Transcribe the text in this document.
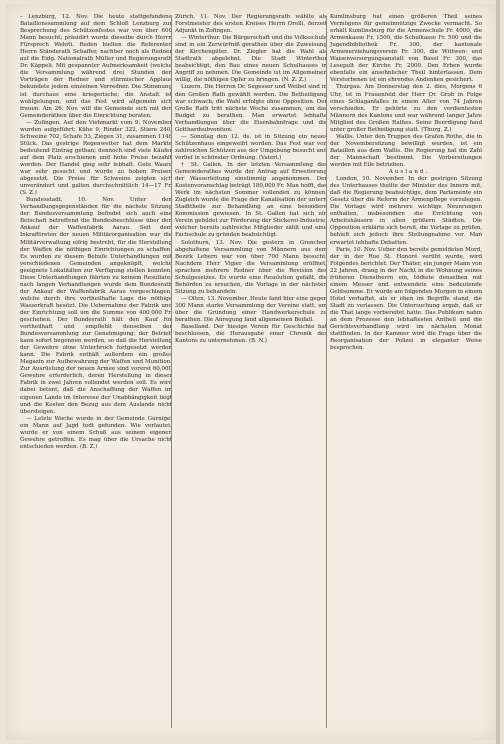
– Lenzburg, 12. Nov. Die heute stattgefundene Bataillonssammlung auf dem Schloß Lenzburg zur Besprechung des Schützenfestes war von über 600 Mann besucht; präsidirt wurde dieselbe durch Herrn Fürsprech Wehrli. Reden hielten die Referenten Herrn Ständerath Schaffer, nachher noch als Redner auf die Eidg. Nationalrath Müller und Regierungsrath Dr. Käppeli. Mit gespannter Aufmerksamkeit (welche die Versammlung während drei Stunden den Vorträgen der Redner und stürmischer Applaus bekundete jedem einzelnen Vorredner. Die Stimmung ist durchaus eine kriegerische; die Anstalt ist wohlgelungen, und das Fest wird allgemein sich freuen. Am 26. Nov. will die Gemeinde sich mit den Gemeinderäthen über die Einrichtung beraten.

— Zofingen. Auf den Viehmarkt vom 9. November wurden aufgeführt: Kühe 9, Rinder 322, Stiere 240, Schweine 702, Schafe 53, Ziegen 31, zusammen 1146 Stück. Das gestrige Regenwetter hat dem Markte bedeutend Eintrag gethan; dennoch sind viele Käufer auf dem Platz erschienen und hohe Preise bezahlt worden. Der Handel ging sehr lebhaft. Gute Waare war sehr gesucht und wurde zu hohen Preisen abgesetzt. Die Preise für Schweine zeigten sich unverändert und galten durchschnittlich 14—17 Fr. (S. Z.)

Bundesstadt, 10. Nov. Unter den Verhandlungsgegenständen für die nächste Sitzung der Bundesversammlung befindet sich auch eine Botschaft betreffend die Bundesbeschlüsse über den Ankauf der Waffenfabrik Aarau. Seit dem Inkrafttreten der neuen Militärorganisation war die Militärverwaltung eifrig bestrebt, für die Herstellung der Waffen die nöthigen Einrichtungen zu schaffen. Es wurden zu diesem Behufe Unterhandlungen mit verschiedenen Gemeinden angeknüpft, welche geeignete Lokalitäten zur Verfügung stellen konnten. Diese Unterhandlungen führten zu keinem Resultate; nach langen Verhandlungen wurde dem Bundesrath der Ankauf der Waffenfabrik Aarau vorgeschlagen, welche durch ihre vortheilhafte Lage die nöthige Wasserkraft besitzt. Die Uebernahme der Fabrik und der Einrichtung soll um die Summe von 400,000 Fr. geschehen. Der Bundesrath hält den Kauf für vortheilhaft und empfiehlt denselben der Bundesversammlung zur Genehmigung; der Betrieb kann sofort begonnen werden, so daß die Herstellung der Gewehre ohne Unterbruch fortgesetzt werden kann. Die Fabrik enthält außerdem ein großes Magazin zur Aufbewahrung der Waffen und Munition. Zur Ausrüstung der neuen Armee sind vorerst 60,000 Gewehre erforderlich, deren Herstellung in dieser Fabrik in zwei Jahren vollendet werden soll. Es wird dabei betont, daß die Anschaffung der Waffen im eigenen Lande im Interesse der Unabhängigkeit liegt und die Kosten den Bezug aus dem Auslande nicht übersteigen.

— Letzte Woche wurde in der Gemeinde Gurnigel ein Mann auf Jagd todt gefunden. Wie verlautet, wurde er von einem Schuß aus seinem eigenen Gewehre getroffen. Es mag über die Ursache nicht entschieden werden. (B. Z.)

Zürich, 11. Nov. Der Regierungsrath wählte als Forstmeister des ersten Kreises Herrn Orelli, derzeit Adjunkt in Zofingen.

— Winterthur. Die Bürgerschaft und die Volksschule sind in ein Zerwürfniß gerathen über die Zuweisung der Kirchengüter. Dr. Ziegler hat die Wahl als Stadtrath abgelehnt. Die Stadt Winterthur beabsichtigt, den Bau eines neuen Schulhauses in Angriff zu nehmen. Die Gemeinde ist im Allgemeinen willig, die nöthigen Opfer zu bringen. (N. Z. Z.)

Luzern. Die Herren Dr. Segesser und Weibel sind in den Großen Rath gewählt worden. Die Betheiligung war schwach; die Wahl erfolgte ohne Opposition. Der Große Rath tritt nächste Woche zusammen, um das Budget zu berathen. Man erwartet lebhafte Verhandlungen über die Eisenbahnfrage und die Gotthardsubvention.

— Sonntag den 12. ds. ist in Sitzung ein neues Schützenhaus eingeweiht worden. Das Fest war von zahlreichen Schützen aus der Umgebung besucht und verlief in schönster Ordnung. (Vaterl.)

† St. Gallen. In der letzten Versammlung des Gemeinderathes wurde der Antrag auf Erweiterung der Wasserleitung einstimmig angenommen. Der Kostenvoranschlag beträgt 180,000 Fr. Man hofft, das Werk im nächsten Sommer vollenden zu können. Zugleich wurde die Frage der Kanalisation der untern Stadttheile zur Behandlung an eine besondere Kommission gewiesen. In St. Gallen hat sich ein Verein gebildet zur Förderung der Stickerei-Industrie, welcher bereits zahlreiche Mitglieder zählt und eine Fachschule zu gründen beabsichtigt.

Solothurn, 13. Nov. Die gestern in Grenchen abgehaltene Versammlung von Männern aus dem Bezirk Lebern war von über 700 Mann besucht. Nachdem Herr Vigier die Versammlung eröffnet, sprachen mehrere Redner über die Revision des Schulgesetzes. Es wurde eine Resolution gefaßt, die Behörden zu ersuchen, die Vorlage in der nächsten Sitzung zu behandeln.

— Olten, 13. November. Heute fand hier eine gegen 300 Mann starke Versammlung der Vereine statt, um über die Gründung einer Handwerkerschule zu berathen. Die Anregung fand allgemeinen Beifall.

Baselland. Der hiesige Verein für Geschichte hat beschlossen, die Herausgabe einer Chronik des Kantons zu unternehmen. (B. N.)

Kumlinsburg hat einen größeren Theil seines Vermögens für gemeinnützige Zwecke vermacht. So erhält Kumlinsburg für die Armenschule Fr. 4000, die Armenkasse Fr. 1500, die Schulkasse Fr. 500 und die Jugendbibliothek Fr. 300, der kantonale Armenerziehungsverein Fr. 300, die Wittwen- und Waisenversorgungsanstalt von Basel Fr. 300, das Lesepult der Kirche Fr. 2000. Den Erben wurde ebenfalls ein ansehnlicher Theil hinterlassen. Dem Verstorbenen ist ein ehrendes Andenken gesichert.

Thurgau. Am Donnerstag den 2. dies, Morgens 6 Uhr, ist in Frauenfeld der Herr Dr. Grob in Folge eines Schlaganfalles in einem Alter von 74 Jahren verschieden. Er gehörte zu den verdientesten Männern des Kantons und war während langer Jahre Mitglied des Großen Rathes. Seine Beerdigung fand unter großer Betheiligung statt. (Thurg. Z.)

Wallis. Unter den Truppen des Grafen Rothe, die in der Novembersitzung bewilligt wurden, ist ein Bataillon aus dem Wallis. Die Regierung hat die Zahl der Mannschaft bestimmt. Die Vorbereitungen werden mit Eile betrieben.

Ausland.

London, 10. November. In der gestrigen Sitzung des Unterhauses theilte der Minister des Innern mit, daß die Regierung beabsichtige, dem Parlamente ein Gesetz über die Reform der Armenpflege vorzulegen. Die Vorlage wird mehrere wichtige Neuerungen enthalten, insbesondere die Errichtung von Arbeitshäusern in allen größern Städten. Die Opposition erklärte sich bereit, die Vorlage zu prüfen, behielt sich jedoch ihre Stellungnahme vor. Man erwartet lebhafte Debatten.

Paris, 10. Nov. Ueber den bereits gemeldeten Mord, der in der Rue St. Honoré verübt wurde, wird Folgendes berichtet: Der Thäter, ein junger Mann von 22 Jahren, drang in der Nacht in die Wohnung seines früheren Dienstherrn ein, tödtete denselben mit einem Messer und entwendete eine bedeutende Geldsumme. Er wurde am folgenden Morgen in einem Hotel verhaftet, als er eben im Begriffe stand, die Stadt zu verlassen. Die Untersuchung ergab, daß er die That lange vorbereitet hatte. Das Publikum nahm an dem Prozesse den lebhaftesten Antheil und die Gerichtsverhandlung wird im nächsten Monat stattfinden. In der Kammer wird die Frage über die Reorganisation der Polizei in eleganter Weise besprochen.
